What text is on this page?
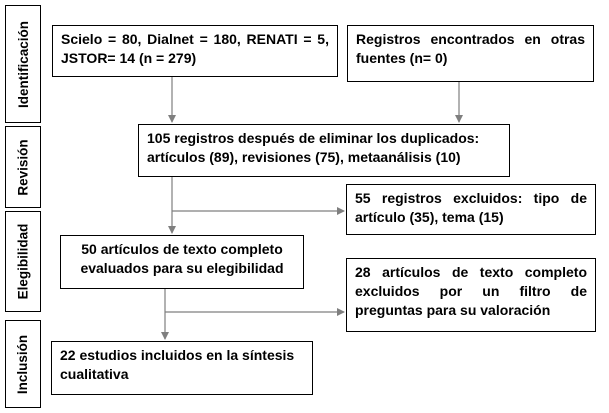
Identificación
Revisión
Elegibilidad
Inclusión

Scielo = 80, Dialnet = 180, RENATI = 5, JSTOR= 14 (n = 279)

Registros encontrados en otras fuentes (n= 0)

105 registros después de eliminar los duplicados:

artículos (89), revisiones (75), metaanálisis (10)

55 registros excluidos: tipo de artículo (35), tema (15)

50 artículos de texto completo

evaluados para su elegibilidad	28 artículos de texto completo excluidos por un filtro de preguntas para su valoración

22 estudios incluidos en la síntesis cualitativa
